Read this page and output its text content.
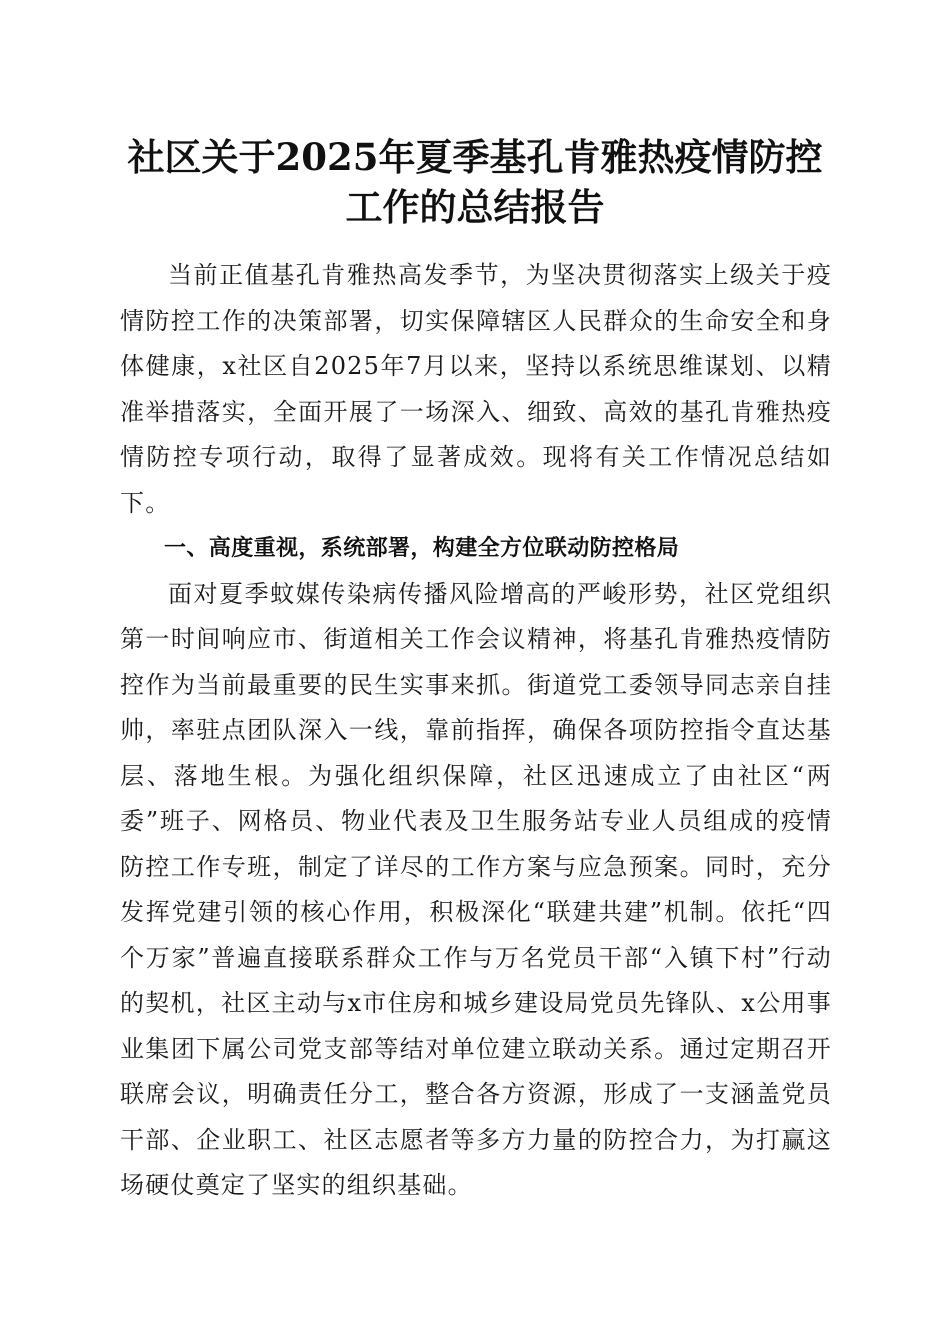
社区关于2025年夏季基孔肯雅热疫情防控工作的总结报告

当前正值基孔肯雅热高发季节，为坚决贯彻落实上级关于疫情防控工作的决策部署，切实保障辖区人民群众的生命安全和身体健康，x社区自2025年7月以来，坚持以系统思维谋划、以精准举措落实，全面开展了一场深入、细致、高效的基孔肯雅热疫情防控专项行动，取得了显著成效。现将有关工作情况总结如下。

一、高度重视，系统部署，构建全方位联动防控格局

面对夏季蚊媒传染病传播风险增高的严峻形势，社区党组织第一时间响应市、街道相关工作会议精神，将基孔肯雅热疫情防控作为当前最重要的民生实事来抓。街道党工委领导同志亲自挂帅，率驻点团队深入一线，靠前指挥，确保各项防控指令直达基层、落地生根。为强化组织保障，社区迅速成立了由社区“两委”班子、网格员、物业代表及卫生服务站专业人员组成的疫情防控工作专班，制定了详尽的工作方案与应急预案。同时，充分发挥党建引领的核心作用，积极深化“联建共建”机制。依托“四个万家”普遍直接联系群众工作与万名党员干部“入镇下村”行动的契机，社区主动与x市住房和城乡建设局党员先锋队、x公用事业集团下属公司党支部等结对单位建立联动关系。通过定期召开联席会议，明确责任分工，整合各方资源，形成了一支涵盖党员干部、企业职工、社区志愿者等多方力量的防控合力，为打赢这场硬仗奠定了坚实的组织基础。
